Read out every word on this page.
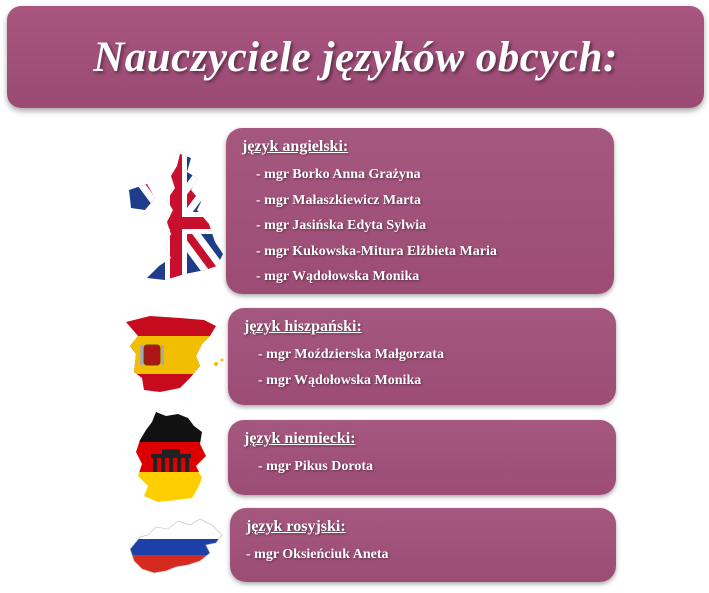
Nauczyciele języków obcych:
język angielski:
- mgr Borko Anna Grażyna
- mgr Małaszkiewicz Marta
- mgr Jasińska Edyta Sylwia
- mgr Kukowska-Mitura Elżbieta Maria
- mgr Wądołowska Monika
język hiszpański:
- mgr Moździerska Małgorzata
- mgr Wądołowska Monika
język niemiecki:
- mgr Pikus Dorota
język rosyjski:
- mgr Oksieńciuk Aneta
